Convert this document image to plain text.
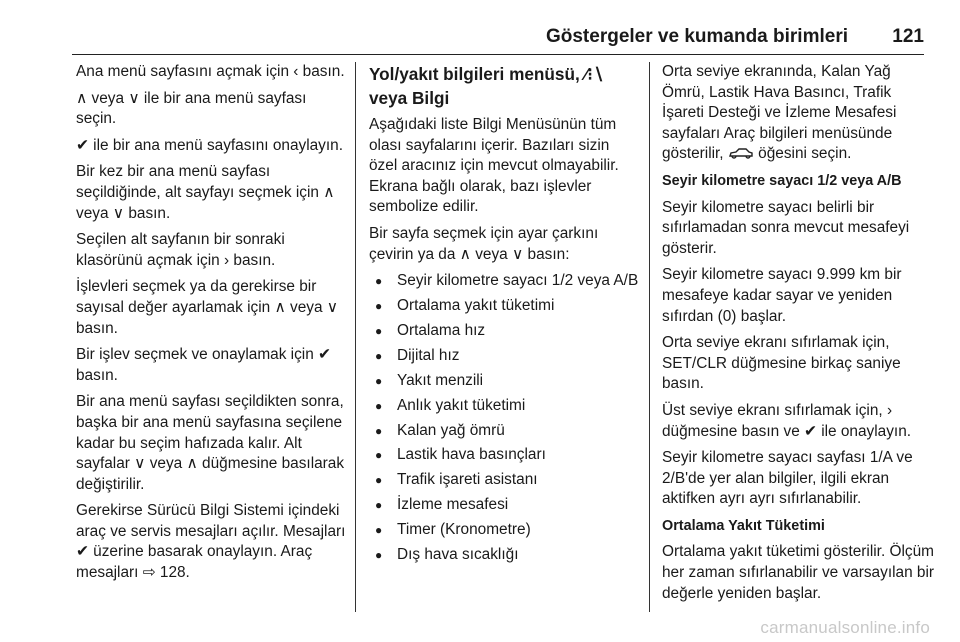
Göstergeler ve kumanda birimleri 121

Ana menü sayfasını açmak için ‹ basın.

∧ veya ∨ ile bir ana menü sayfası seçin.

✔ ile bir ana menü sayfasını onaylayın.

Bir kez bir ana menü sayfası seçildiğinde, alt sayfayı seçmek için ∧ veya ∨ basın.

Seçilen alt sayfanın bir sonraki klasörünü açmak için › basın.

İşlevleri seçmek ya da gerekirse bir sayısal değer ayarlamak için ∧ veya ∨ basın.

Bir işlev seçmek ve onaylamak için ✔ basın.

Bir ana menü sayfası seçildikten sonra, başka bir ana menü sayfasına seçilene kadar bu seçim hafızada kalır. Alt sayfalar ∨ veya ∧ düğmesine basılarak değiştirilir.

Gerekirse Sürücü Bilgi Sistemi içindeki araç ve servis mesajları açılır. Mesajları ✔ üzerine basarak onaylayın. Araç mesajları ⇨ 128.

Yol/yakıt bilgileri menüsü, ⁄⁝∖ veya Bilgi

Aşağıdaki liste Bilgi Menüsünün tüm olası sayfalarını içerir. Bazıları sizin özel aracınız için mevcut olmayabilir. Ekrana bağlı olarak, bazı işlevler sembolize edilir.

Bir sayfa seçmek için ayar çarkını çevirin ya da ∧ veya ∨ basın:

● Seyir kilometre sayacı 1/2 veya A/B
● Ortalama yakıt tüketimi
● Ortalama hız
● Dijital hız
● Yakıt menzili
● Anlık yakıt tüketimi
● Kalan yağ ömrü
● Lastik hava basınçları
● Trafik işareti asistanı
● İzleme mesafesi
● Timer (Kronometre)
● Dış hava sıcaklığı

Orta seviye ekranında, Kalan Yağ Ömrü, Lastik Hava Basıncı, Trafik İşareti Desteği ve İzleme Mesafesi sayfaları Araç bilgileri menüsünde gösterilir,  öğesini seçin.

Seyir kilometre sayacı 1/2 veya A/B

Seyir kilometre sayacı belirli bir sıfırlamadan sonra mevcut mesafeyi gösterir.

Seyir kilometre sayacı 9.999 km bir mesafeye kadar sayar ve yeniden sıfırdan (0) başlar.

Orta seviye ekranı sıfırlamak için, SET/CLR düğmesine birkaç saniye basın.

Üst seviye ekranı sıfırlamak için, › düğmesine basın ve ✔ ile onaylayın.

Seyir kilometre sayacı sayfası 1/A ve 2/B'de yer alan bilgiler, ilgili ekran aktifken ayrı ayrı sıfırlanabilir.

Ortalama Yakıt Tüketimi

Ortalama yakıt tüketimi gösterilir. Ölçüm her zaman sıfırlanabilir ve varsayılan bir değerle yeniden başlar.

carmanualsonline.info
